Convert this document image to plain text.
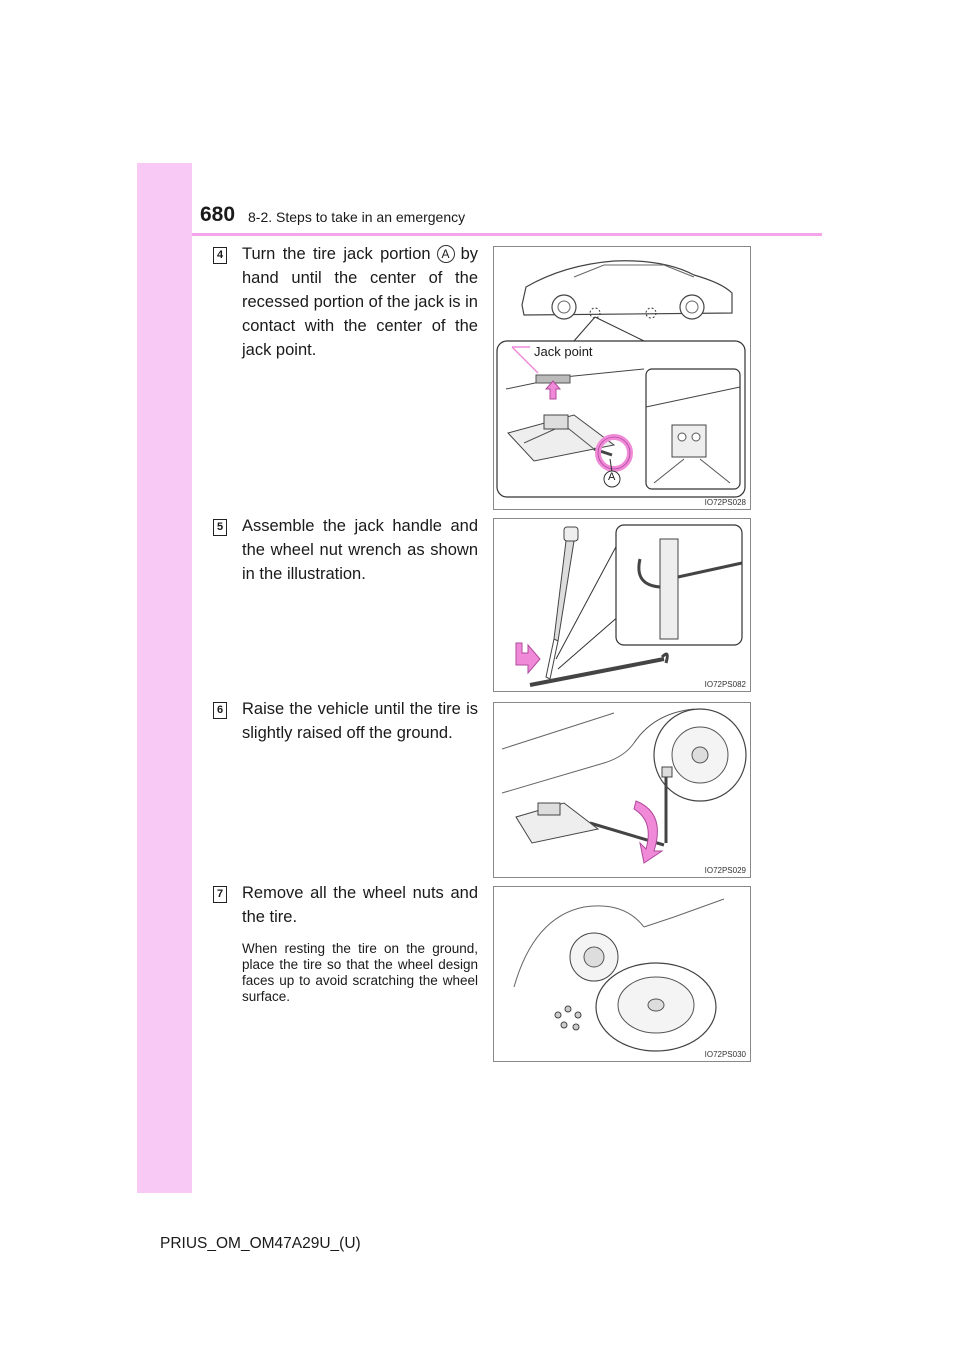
680 8-2. Steps to take in an emergency
4 Turn the tire jack portion A by hand until the center of the recessed portion of the jack is in contact with the center of the jack point.	Jack point
A
IO72PS028
5 Assemble the jack handle and the wheel nut wrench as shown in the illustration.
IO72PS082
6 Raise the vehicle until the tire is slightly raised off the ground.
IO72PS029
7 Remove all the wheel nuts and the tire.
When resting the tire on the ground, place the tire so that the wheel design faces up to avoid scratching the wheel surface.
IO72PS030
PRIUS_OM_OM47A29U_(U)
